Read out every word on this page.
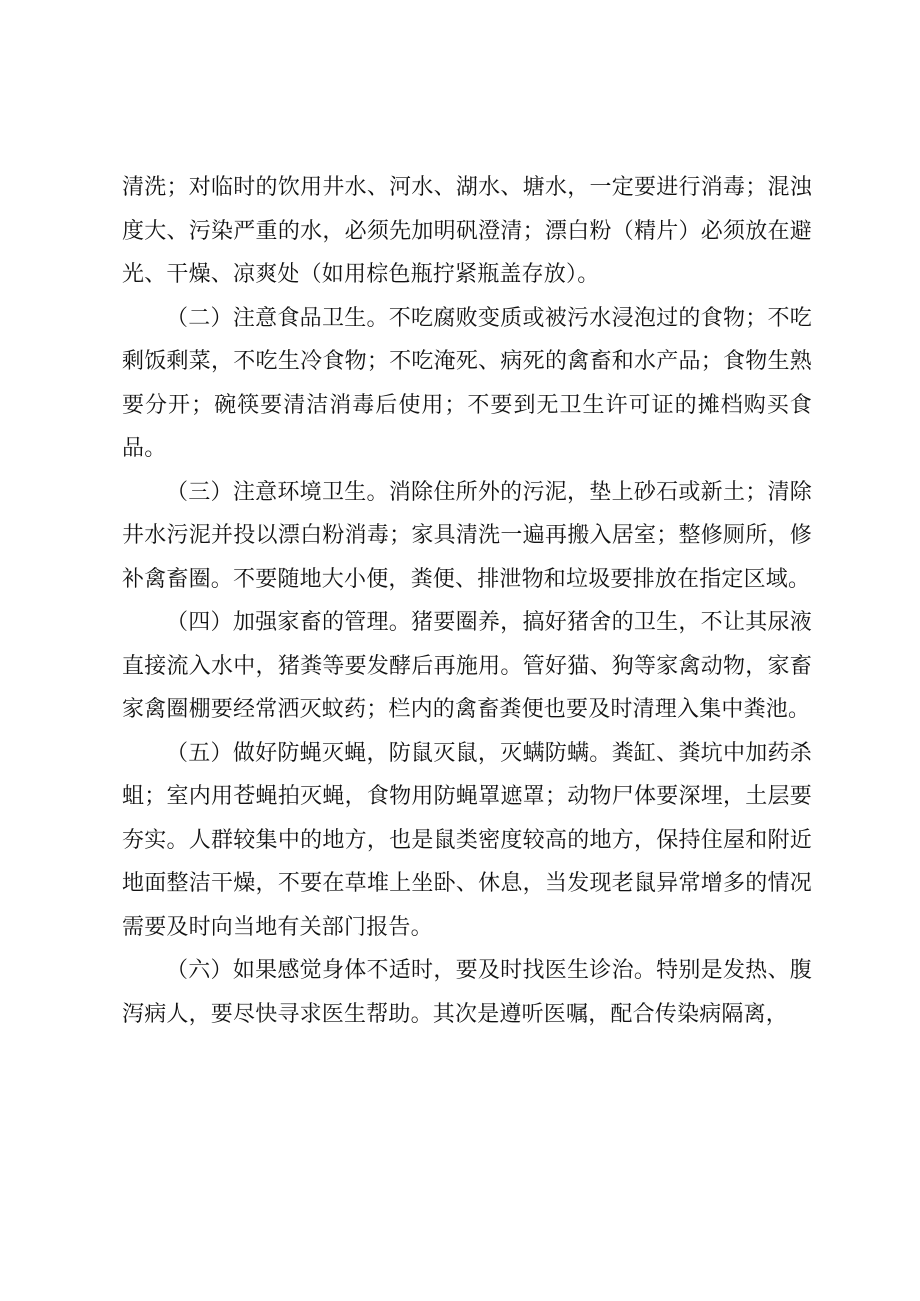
清洗；对临时的饮用井水、河水、湖水、塘水，一定要进行消毒；混浊度大、污染严重的水，必须先加明矾澄清；漂白粉（精片）必须放在避光、干燥、凉爽处（如用棕色瓶拧紧瓶盖存放）。

（二）注意食品卫生。不吃腐败变质或被污水浸泡过的食物；不吃剩饭剩菜，不吃生冷食物；不吃淹死、病死的禽畜和水产品；食物生熟要分开；碗筷要清洁消毒后使用；不要到无卫生许可证的摊档购买食品。

（三）注意环境卫生。消除住所外的污泥，垫上砂石或新土；清除井水污泥并投以漂白粉消毒；家具清洗一遍再搬入居室；整修厕所，修补禽畜圈。不要随地大小便，粪便、排泄物和垃圾要排放在指定区域。

（四）加强家畜的管理。猪要圈养，搞好猪舍的卫生，不让其尿液直接流入水中，猪粪等要发酵后再施用。管好猫、狗等家禽动物，家畜家禽圈棚要经常洒灭蚊药；栏内的禽畜粪便也要及时清理入集中粪池。

（五）做好防蝇灭蝇，防鼠灭鼠，灭螨防螨。粪缸、粪坑中加药杀蛆；室内用苍蝇拍灭蝇，食物用防蝇罩遮罩；动物尸体要深埋，土层要夯实。人群较集中的地方，也是鼠类密度较高的地方，保持住屋和附近地面整洁干燥，不要在草堆上坐卧、休息，当发现老鼠异常增多的情况需要及时向当地有关部门报告。

（六）如果感觉身体不适时，要及时找医生诊治。特别是发热、腹泻病人，要尽快寻求医生帮助。其次是遵听医嘱，配合传染病隔离，
